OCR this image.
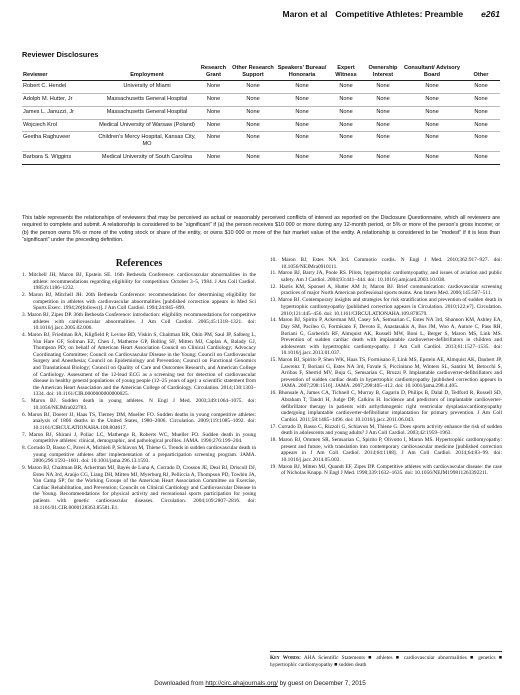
Maron et al Competitive Athletes: Preamble e261
Reviewer Disclosures
Reviewer	Employment	Research Grant	Other Research Support	Speakers' Bureau/ Honoraria	Expert Witness	Ownership Interest	Consultant/ Advisory Board	Other
Robert C. Hendel	University of Miami	None	None	None	None	None	None	None
Adolph M. Hutter, Jr	Massachusetts General Hospital	None	None	None	None	None	None	None
James L. Januzzi, Jr	Massachusetts General Hospital	None	None	None	None	None	None	None
Wojciech Krol	Medical University of Warsaw (Poland)	None	None	None	None	None	None	None
Geetha Raghuveer	Children's Mercy Hospital, Kansas City, MO	None	None	None	None	None	None	None
Barbara S. Wiggins	Medical University of South Carolina	None	None	None	None	None	None	None
This table represents the relationships of reviewers that may be perceived as actual or reasonably perceived conflicts of interest as reported on the Disclosure Questionnaire, which all reviewers are required to complete and submit. A relationship is considered to be “significant” if (a) the person receives $10 000 or more during any 12-month period, or 5% or more of the person's gross income; or (b) the person owns 5% or more of the voting stock or share of the entity, or owns $10 000 or more of the fair market value of the entity. A relationship is considered to be “modest” if it is less than “significant” under the preceding definition.
References
1. Mitchell JH, Maron BJ, Epstein SE. 16th Bethesda Conference: cardiovascular abnormalities in the athlete: recommendations regarding eligibility for competition: October 3–5, 1984. J Am Coll Cardiol. 1985;6:1186–1232.
2. Maron BJ, Mitchell JH. 26th Bethesda Conference: recommendations for determining eligibility for competition in athletes with cardiovascular abnormalities [published correction appears in Med Sci Sports Exerc. 1994;26(follows)]. J Am Coll Cardiol. 1994;24:845–899.
3. Maron BJ, Zipes DP. 36th Bethesda Conference: introduction: eligibility recommendations for competitive athletes with cardiovascular abnormalities. J Am Coll Cardiol. 2005;45:1318–1321. doi: 10.1016/j.jacc.2005.02.006.
4. Maron BJ, Friedman RA, Kligfield P, Levine BD, Viskin S, Chaitman BR, Okin PM, Saul JP, Salberg L, Van Hare GF, Soliman EZ, Chen J, Matherne GP, Bolling SF, Mitten MJ, Caplan A, Balady GJ, Thompson PD; on behalf of American Heart Association Council on Clinical Cardiology; Advocacy Coordinating Committee; Council on Cardiovascular Disease in the Young; Council on Cardiovascular Surgery and Anesthesia; Council on Epidemiology and Prevention; Council on Functional Genomics and Translational Biology; Council on Quality of Care and Outcomes Research, and American College of Cardiology. Assessment of the 12-lead ECG as a screening test for detection of cardiovascular disease in healthy general populations of young people (12–25 years of age): a scientific statement from the American Heart Association and the American College of Cardiology. Circulation. 2014;130:1303–1334. doi: 10.1161/CIR.0000000000000025.
5. Maron BJ. Sudden death in young athletes. N Engl J Med. 2003;349:1064–1075. doi: 10.1056/NEJMra022783.
6. Maron BJ, Doerer JJ, Haas TS, Tierney DM, Mueller FO. Sudden deaths in young competitive athletes: analysis of 1866 deaths in the United States, 1980–2006. Circulation. 2009;119:1085–1092. doi: 10.1161/CIRCULATIONAHA.108.804617.
7. Maron BJ, Shirani J, Poliac LC, Mathenge R, Roberts WC, Mueller FO. Sudden death in young competitive athletes: clinical, demographic, and pathological profiles. JAMA. 1996;276:199–204.
8. Corrado D, Basso C, Pavei A, Michieli P, Schiavon M, Thiene G. Trends in sudden cardiovascular death in young competitive athletes after implementation of a preparticipation screening program. JAMA. 2006;296:1593–1601. doi: 10.1001/jama.296.13.1593.
9. Maron BJ, Chaitman BR, Ackerman MJ, Bayés de Luna A, Corrado D, Crosson JE, Deal BJ, Driscoll DJ, Estes NA 3rd, Araújo CG, Liang DH, Mitten MJ, Myerburg RJ, Pelliccia A, Thompson PD, Towbin JA, Van Camp SP; for the Working Groups of the American Heart Association Committee on Exercise, Cardiac Rehabilitation, and Prevention; Councils on Clinical Cardiology and Cardiovascular Disease in the Young. Recommendations for physical activity and recreational sports participation for young patients with genetic cardiovascular diseases. Circulation. 2004;109:2807–2816. doi: 10.1161/01.CIR.0000128363.85581.E1.
10. Maron BJ, Estes NA 3rd. Commotio cordis. N Engl J Med. 2010;362:917–927. doi: 10.1056/NEJMra0910111.
11. Maron BJ, Barry JA, Poole RS. Pilots, hypertrophic cardiomyopathy, and issues of aviation and public safety. Am J Cardiol. 2004;93:441–444. doi: 10.1016/j.amjcard.2003.10.038.
12. Harris KM, Sponsel A, Hutter AM Jr, Maron BJ. Brief communication: cardiovascular screening practices of major North American professional sports teams. Ann Intern Med. 2006;145:507–511.
13. Maron BJ. Contemporary insights and strategies for risk stratification and prevention of sudden death in hypertrophic cardiomyopathy [published correction appears in Circulation. 2010;122:e7]. Circulation. 2010;121:445–456. doi: 10.1161/CIRCULATIONAHA.109.878579.
14. Maron BJ, Spirito P, Ackerman MJ, Casey SA, Semsarian C, Estes NA 3rd, Shannon KM, Ashley EA, Day SM, Pacileo G, Formisano F, Devoto E, Anastasakis A, Bos JM, Woo A, Autore C, Pass RH, Boriani G, Garberich RF, Almquist AK, Russell MW, Boni L, Berger S, Maron MS, Link MS. Prevention of sudden cardiac death with implantable cardioverter-defibrillators in children and adolescents with hypertrophic cardiomyopathy. J Am Coll Cardiol. 2013;61:1527–1535. doi: 10.1016/j.jacc.2013.01.037.
15. Maron BJ, Spirito P, Shen WK, Haas TS, Formisano F, Link MS, Epstein AE, Almquist AK, Daubert JP, Lawrenz T, Boriani G, Estes NA 3rd, Favale S, Piccininno M, Winters SL, Santini M, Betocchi S, Arribas F, Sherrid MV, Buja G, Semsarian C, Bruzzi P. Implantable cardioverter-defibrillators and prevention of sudden cardiac death in hypertrophic cardiomyopathy [published correction appears in JAMA. 2007;298:1516]. JAMA. 2007;298:405–412. doi: 10.1001/jama.298.4.405.
16. Bhonsale A, James CA, Tichnell C, Murray B, Gagarin D, Philips B, Dalal D, Tedford R, Russell SD, Abraham T, Tandri H, Judge DP, Calkins H. Incidence and predictors of implantable cardioverter-defibrillator therapy in patients with arrhythmogenic right ventricular dysplasia/cardiomyopathy undergoing implantable cardioverter-defibrillator implantation for primary prevention. J Am Coll Cardiol. 2011;58:1485–1496. doi: 10.1016/j.jacc.2011.06.043.
17. Corrado D, Basso C, Rizzoli G, Schiavon M, Thiene G. Does sports activity enhance the risk of sudden death in adolescents and young adults? J Am Coll Cardiol. 2003;42:1959–1963.
18. Maron BJ, Ommen SR, Semsarian C, Spirito P, Olivotto I, Maron MS. Hypertrophic cardiomyopathy: present and future, with translation into contemporary cardiovascular medicine [published correction appears in J Am Coll Cardiol. 2014;64:1188]. J Am Coll Cardiol. 2014;64:83–99. doi: 10.1016/j.jacc.2014.05.003.
19. Maron BJ, Mitten MJ, Quandt EF, Zipes DP. Competitive athletes with cardiovascular disease: the case of Nicholas Knapp. N Engl J Med. 1998;339:1632–1635. doi: 10.1056/NEJM199811263392211.
Key Words: AHA Scientific Statements ■ athletes ■ cardiovascular abnormalities ■ genetics ■ hypertrophic cardiomyopathy ■ sudden death
Downloaded from http://circ.ahajournals.org/ by guest on December 7, 2015
